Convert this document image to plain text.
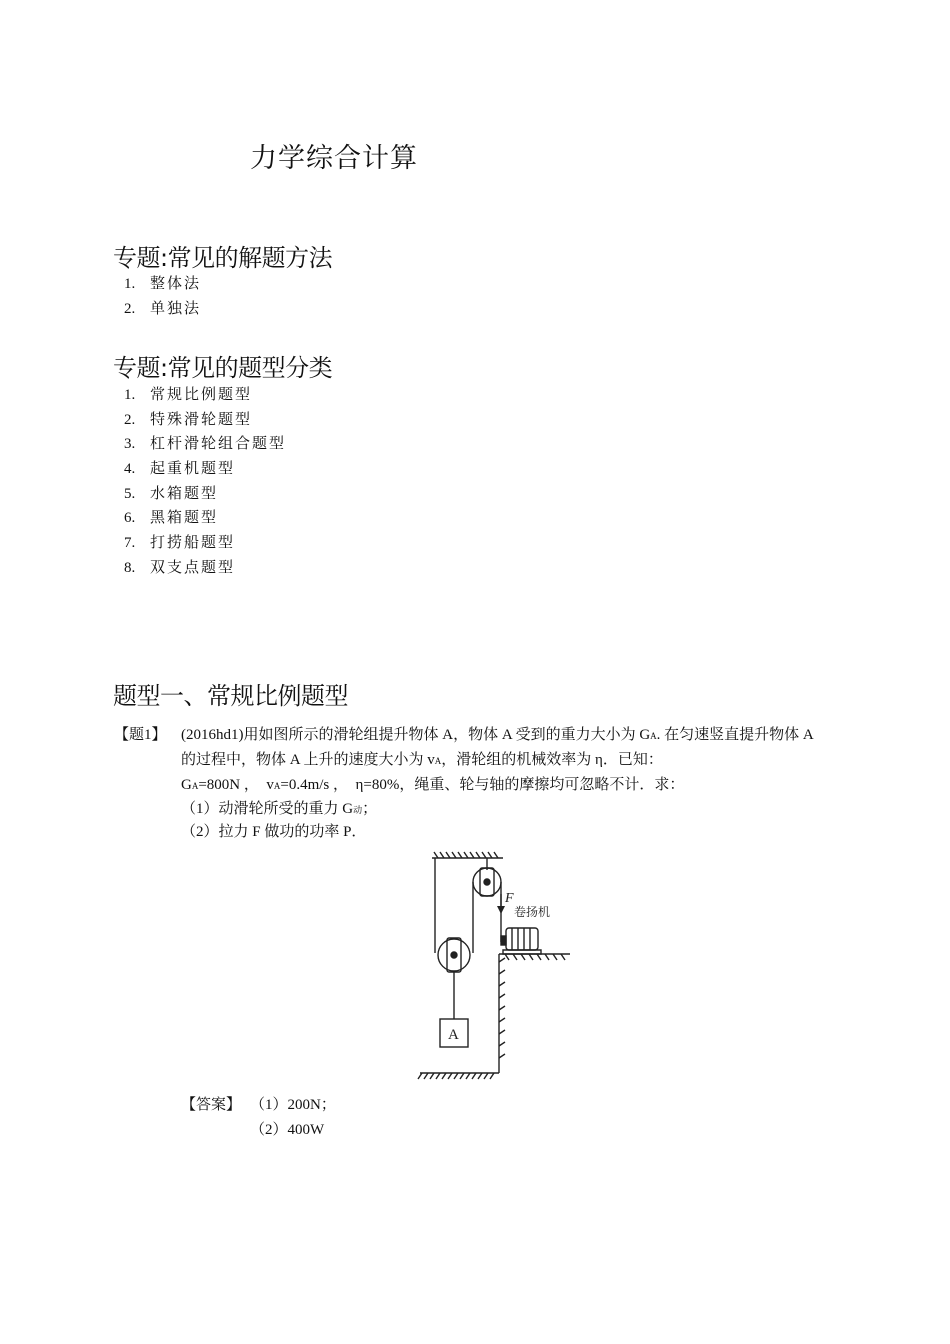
力学综合计算
专题:常见的解题方法
1. 整体法
2. 单独法
专题:常见的题型分类
1. 常规比例题型
2. 特殊滑轮题型
3. 杠杆滑轮组合题型
4. 起重机题型
5. 水箱题型
6. 黑箱题型
7. 打捞船题型
8. 双支点题型
题型一、常规比例题型
【题1】 (2016hd1)用如图所示的滑轮组提升物体 A，物体 A 受到的重力大小为 GA. 在匀速竖直提升物体 A

的过程中，物体 A 上升的速度大小为 vA，滑轮组的机械效率为 η．已知：

GA=800N ， vA=0.4m/s ， η=80%，绳重、轮与轴的摩擦均可忽略不计．求：

（1）动滑轮所受的重力 G动；

（2）拉力 F 做功的功率 P．

F
卷扬机
A
【答案】 （1）200N；
（2）400W
